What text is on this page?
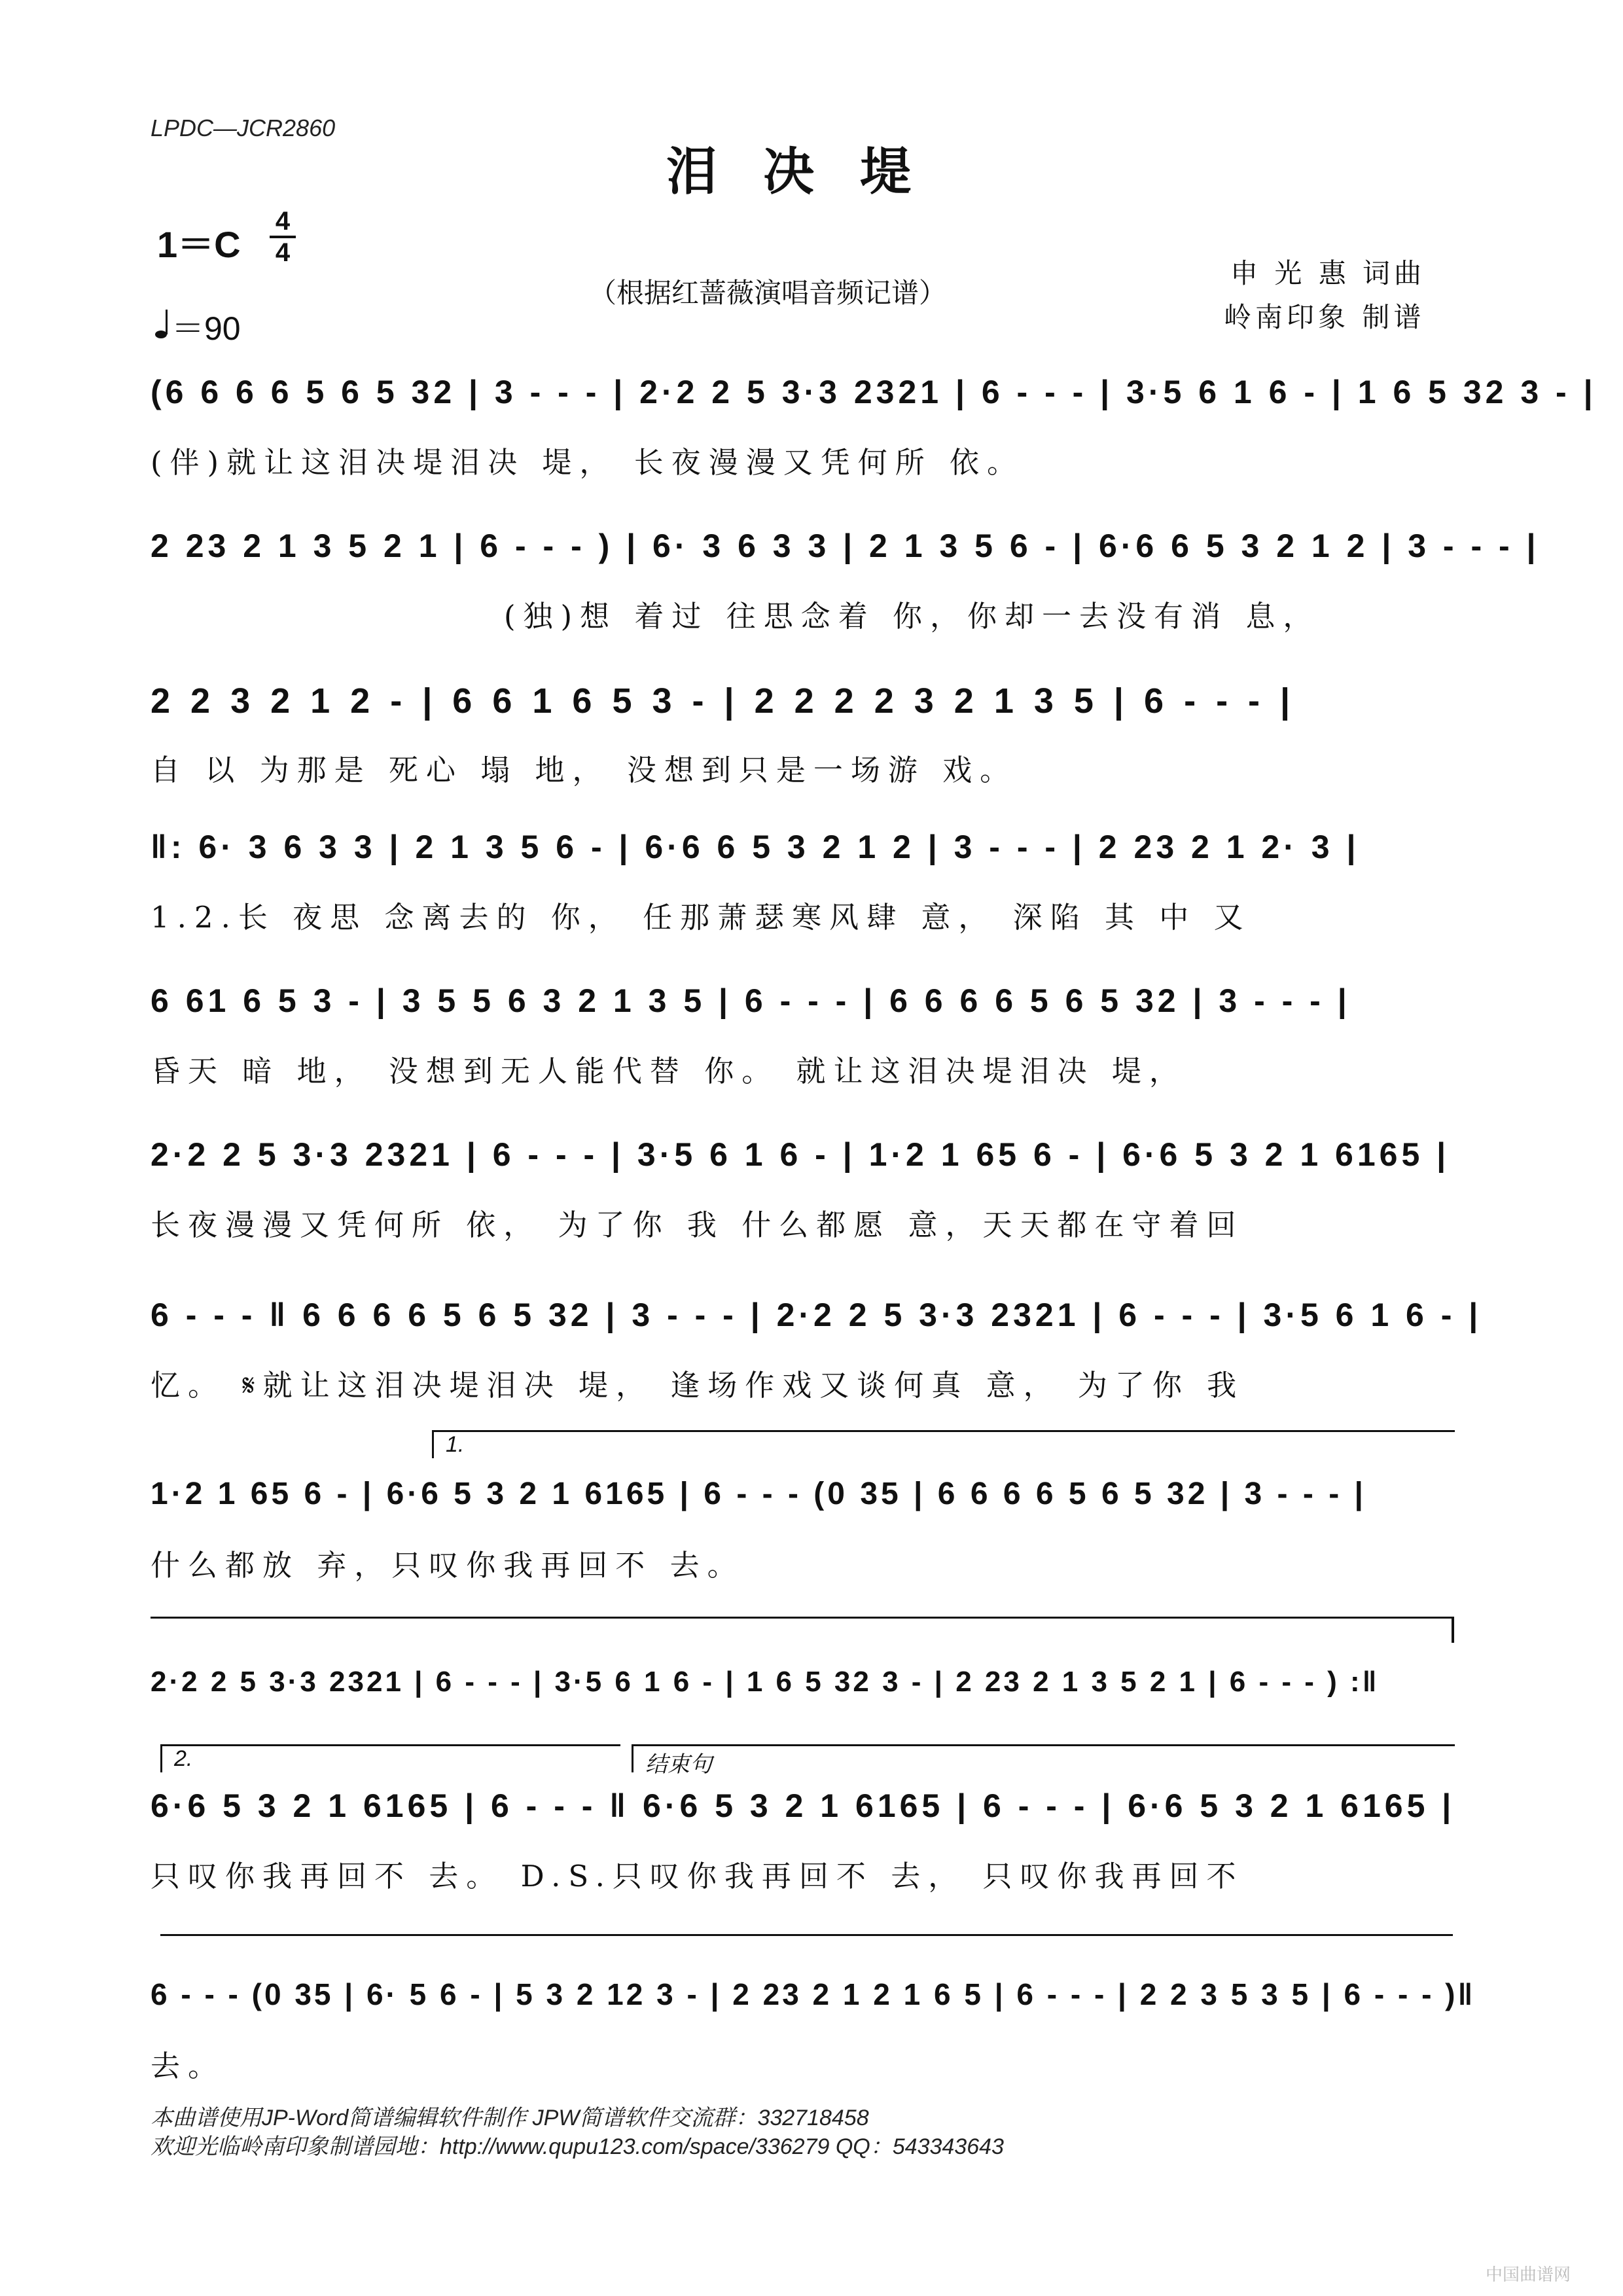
LPDC—JCR2860
泪决堤
1＝C
4
4
＝90
（根据红蔷薇演唱音频记谱）
申 光 惠 词曲
岭南印象 制谱
(6 6 6 6 5 6 5 32 | 3 - - - | 2·2 2 5 3·3 2321 | 6 - - - | 3·5 6 1 6 - | 1 6 5 32 3 - |
(伴)就让这泪决堤泪决 堤， 长夜漫漫又凭何所 依。
2 23 2 1 3 5 2 1 | 6 - - - ) | 6· 3 6 3 3 | 2 1 3 5 6 - | 6·6 6 5 3 2 1 2 | 3 - - - |
(独)想 着过 往思念着 你，你却一去没有消 息，
2 2 3 2 1 2 - | 6 6 1 6 5 3 - | 2 2 2 2 3 2 1 3 5 | 6 - - - |
自 以 为那是 死心 塌 地， 没想到只是一场游 戏。
‖: 6· 3 6 3 3 | 2 1 3 5 6 - | 6·6 6 5 3 2 1 2 | 3 - - - | 2 23 2 1 2· 3 |
1.2.长 夜思 念离去的 你， 任那萧瑟寒风肆 意， 深陷 其 中 又
6 61 6 5 3 - | 3 5 5 6 3 2 1 3 5 | 6 - - - | 6 6 6 6 5 6 5 32 | 3 - - - |
昏天 暗 地， 没想到无人能代替 你。 就让这泪决堤泪决 堤，
2·2 2 5 3·3 2321 | 6 - - - | 3·5 6 1 6 - | 1·2 1 65 6 - | 6·6 5 3 2 1 6165 |
长夜漫漫又凭何所 依， 为了你 我 什么都愿 意，天天都在守着回
6 - - - ‖ 6 6 6 6 5 6 5 32 | 3 - - - | 2·2 2 5 3·3 2321 | 6 - - - | 3·5 6 1 6 - |
忆。 𝄋就让这泪决堤泪决 堤， 逢场作戏又谈何真 意， 为了你 我
1.
1·2 1 65 6 - | 6·6 5 3 2 1 6165 | 6 - - - (0 35 | 6 6 6 6 5 6 5 32 | 3 - - - |
什么都放 弃，只叹你我再回不 去。
2·2 2 5 3·3 2321 | 6 - - - | 3·5 6 1 6 - | 1 6 5 32 3 - | 2 23 2 1 3 5 2 1 | 6 - - - ) :‖
2.	结束句
6·6 5 3 2 1 6165 | 6 - - - ‖ 6·6 5 3 2 1 6165 | 6 - - - | 6·6 5 3 2 1 6165 |
只叹你我再回不 去。 D.S.只叹你我再回不 去， 只叹你我再回不
6 - - - (0 35 | 6· 5 6 - | 5 3 2 12 3 - | 2 23 2 1 2 1 6 5 | 6 - - - | 2 2 3 5 3 5 | 6 - - - )‖
去。
本曲谱使用JP-Word简谱编辑软件制作 JPW简谱软件交流群：332718458
欢迎光临岭南印象制谱园地：http://www.qupu123.com/space/336279 QQ：543343643
中国曲谱网
